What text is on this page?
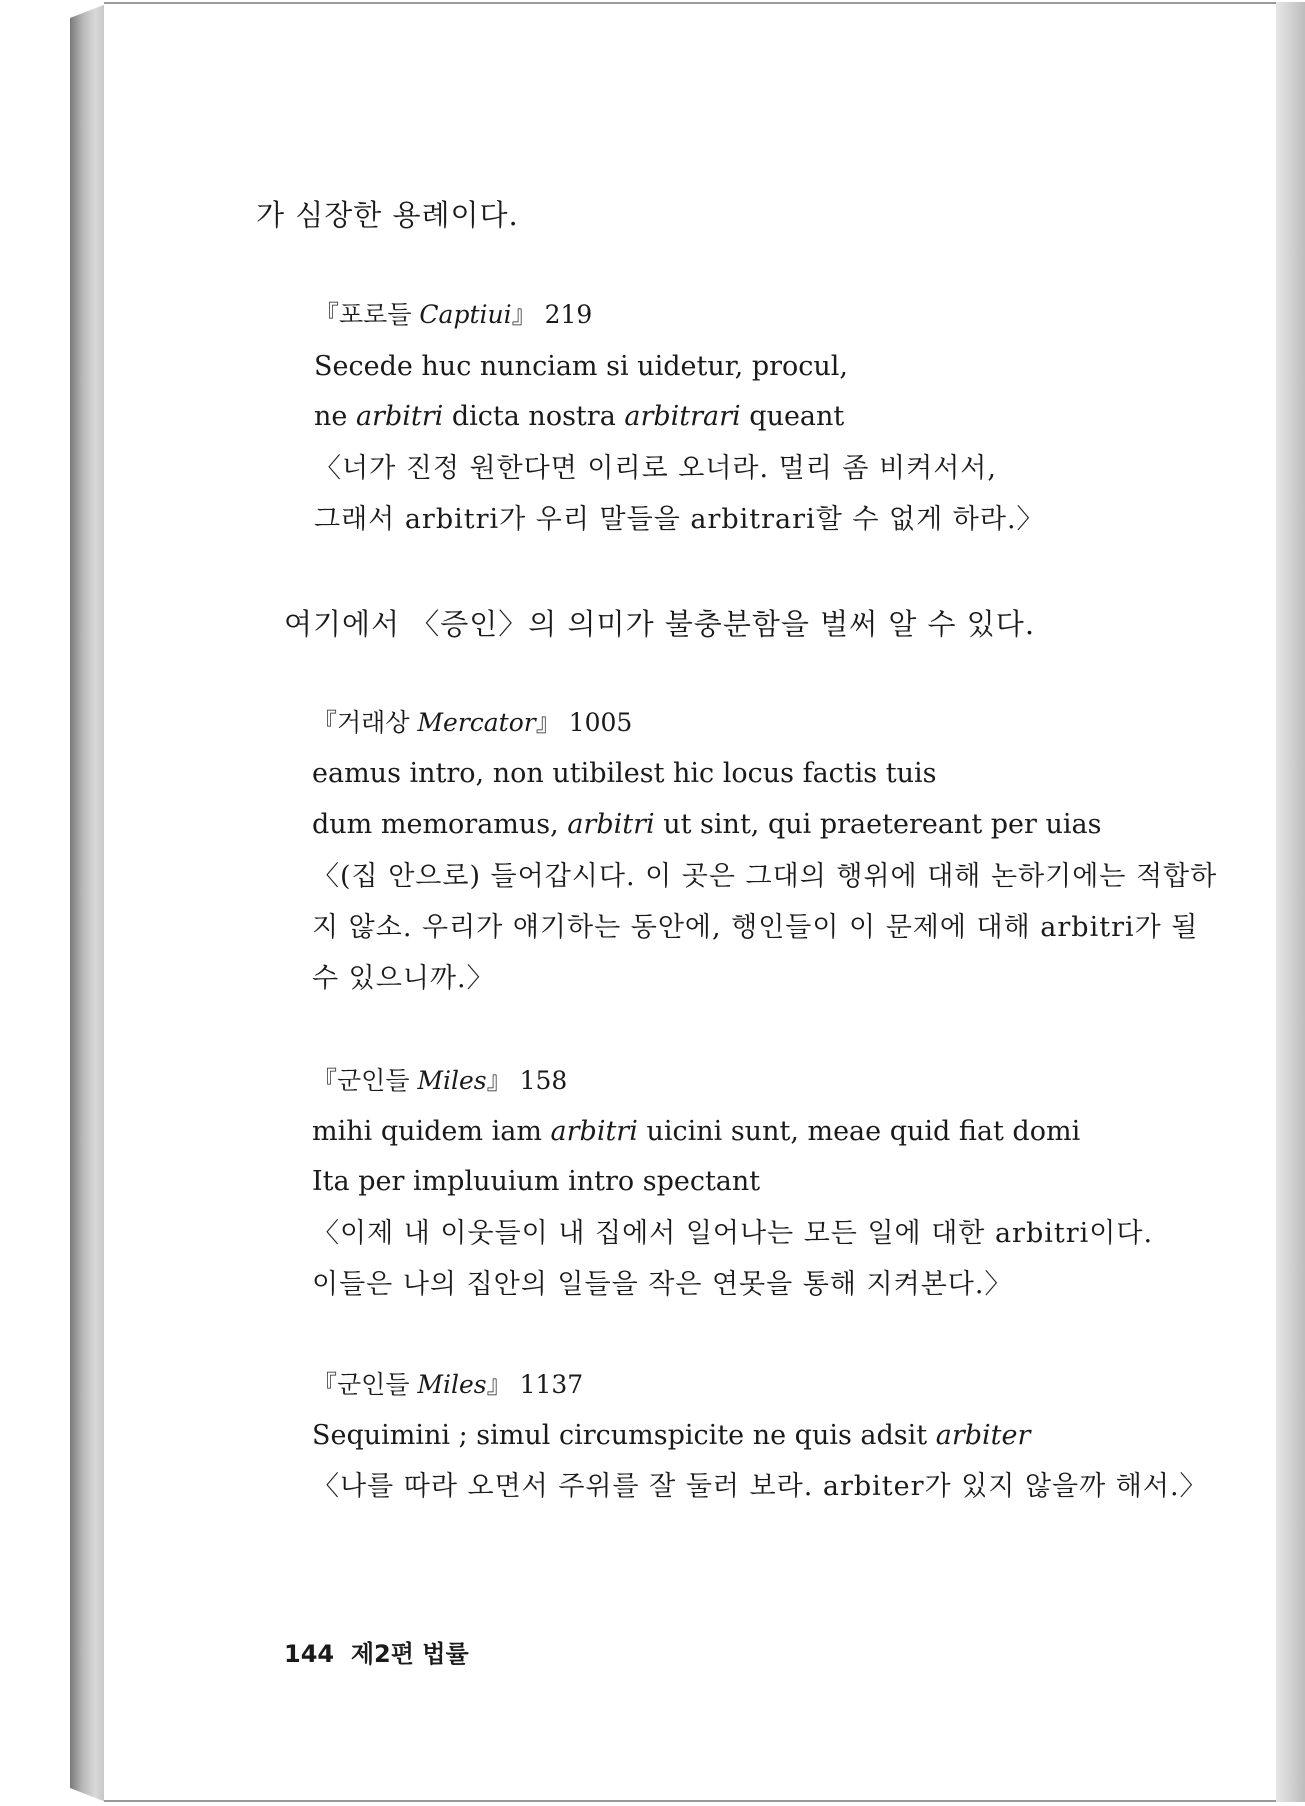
가 심장한 용례이다.
『포로들 Captiui』 219
Secede huc nunciam si uidetur, procul,
ne arbitri dicta nostra arbitrari queant
〈너가 진정 원한다면 이리로 오너라. 멀리 좀 비켜서서,
그래서 arbitri가 우리 말들을 arbitrari할 수 없게 하라.〉
여기에서 〈증인〉의 의미가 불충분함을 벌써 알 수 있다.
『거래상 Mercator』 1005
eamus intro, non utibilest hic locus factis tuis
dum memoramus, arbitri ut sint, qui praetereant per uias
〈(집 안으로) 들어갑시다. 이 곳은 그대의 행위에 대해 논하기에는 적합하
지 않소. 우리가 얘기하는 동안에, 행인들이 이 문제에 대해 arbitri가 될
수 있으니까.〉
『군인들 Miles』 158
mihi quidem iam arbitri uicini sunt, meae quid fiat domi
Ita per impluuium intro spectant
〈이제 내 이웃들이 내 집에서 일어나는 모든 일에 대한 arbitri이다.
이들은 나의 집안의 일들을 작은 연못을 통해 지켜본다.〉
『군인들 Miles』 1137
Sequimini ; simul circumspicite ne quis adsit arbiter
〈나를 따라 오면서 주위를 잘 둘러 보라. arbiter가 있지 않을까 해서.〉
144 제2편 법률
